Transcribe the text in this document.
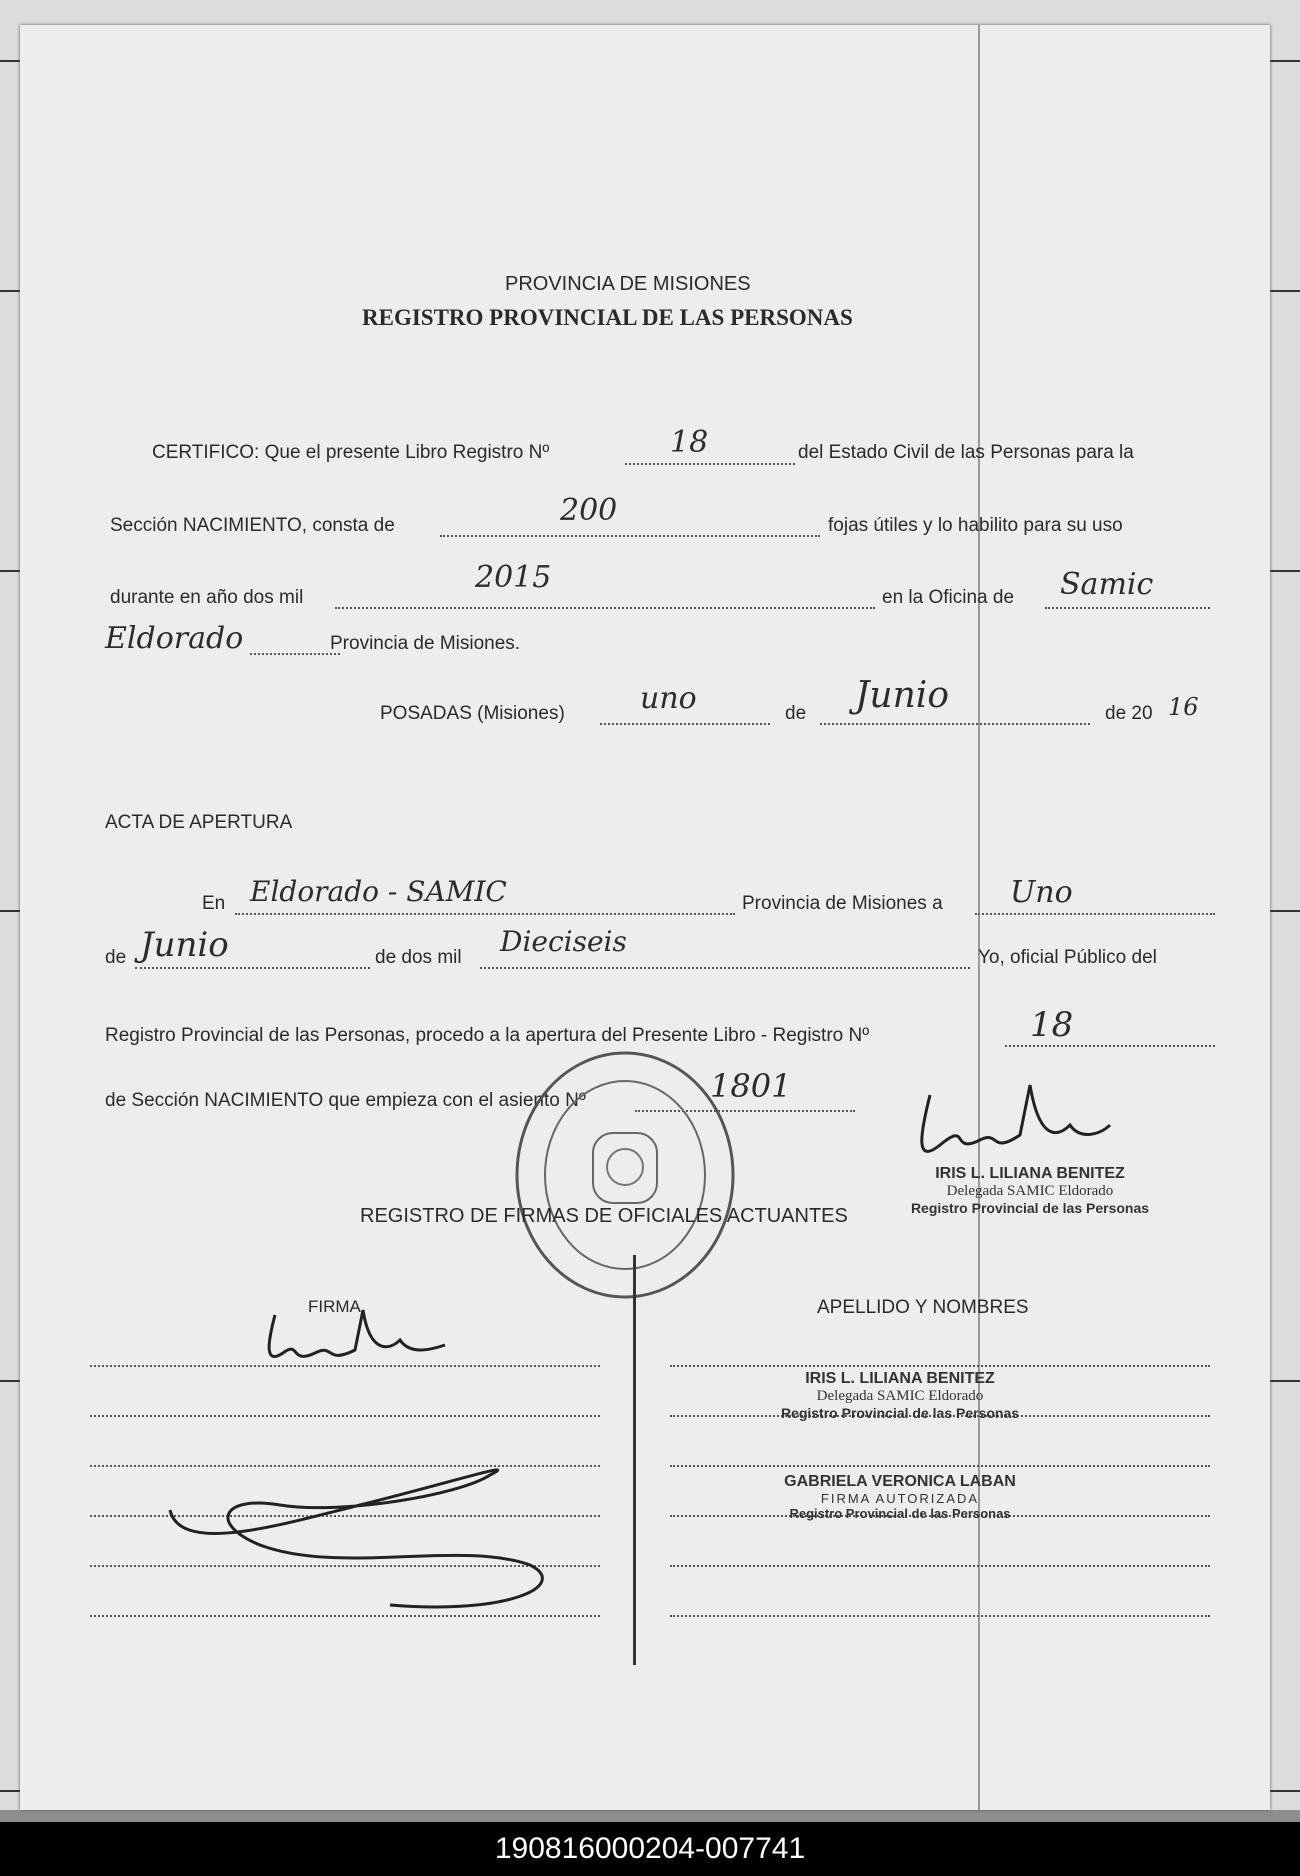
PROVINCIA DE MISIONES
REGISTRO PROVINCIAL DE LAS PERSONAS
CERTIFICO: Que el presente Libro Registro Nº	18	del Estado Civil de las Personas para la
Sección NACIMIENTO, consta de	200	fojas útiles y lo habilito para su uso
durante en año dos mil
2015
en la Oficina de Samic
Eldorado	Provincia de Misiones.
POSADAS (Misiones)	uno	de Junio	de 20 16
ACTA DE APERTURA
En Eldorado - SAMIC	Provincia de Misiones a Uno
de Junio	de dos mil Dieciseis	Yo, oficial Público del
Registro Provincial de las Personas, procedo a la apertura del Presente Libro - Registro Nº	18
de Sección NACIMIENTO que empieza con el asiento Nº	1801
IRIS L. LILIANA BENITEZ
Delegada SAMIC Eldorado
Registro Provincial de las Personas
REGISTRO DE FIRMAS DE OFICIALES ACTUANTES
FIRMA	APELLIDO Y NOMBRES
IRIS L. LILIANA BENITEZ
Delegada SAMIC Eldorado
Registro Provincial de las Personas
GABRIELA VERONICA LABAN
FIRMA AUTORIZADA
Registro Provincial de las Personas
190816000204-007741
